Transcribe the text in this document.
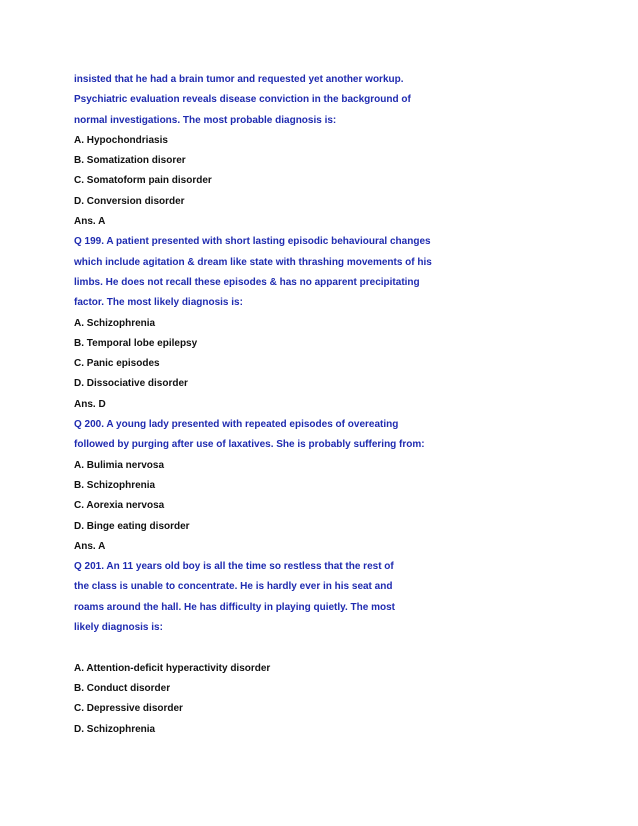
insisted that he had a brain tumor and requested yet another workup.
Psychiatric evaluation reveals disease conviction in the background of
normal investigations. The most probable diagnosis is:
A. Hypochondriasis
B. Somatization disorer
C. Somatoform pain disorder
D. Conversion disorder
Ans. A
Q 199. A patient presented with short lasting episodic behavioural changes
which include agitation & dream like state with thrashing movements of his
limbs. He does not recall these episodes & has no apparent precipitating
factor. The most likely diagnosis is:
A. Schizophrenia
B. Temporal lobe epilepsy
C. Panic episodes
D. Dissociative disorder
Ans. D
Q 200. A young lady presented with repeated episodes of overeating
followed by purging after use of laxatives. She is probably suffering from:
A. Bulimia nervosa
B. Schizophrenia
C. Aorexia nervosa
D. Binge eating disorder
Ans. A
Q 201. An 11 years old boy is all the time so restless that the rest of
the class is unable to concentrate. He is hardly ever in his seat and
roams around the hall. He has difficulty in playing quietly. The most
likely diagnosis is:
A. Attention-deficit hyperactivity disorder
B. Conduct disorder
C. Depressive disorder
D. Schizophrenia
